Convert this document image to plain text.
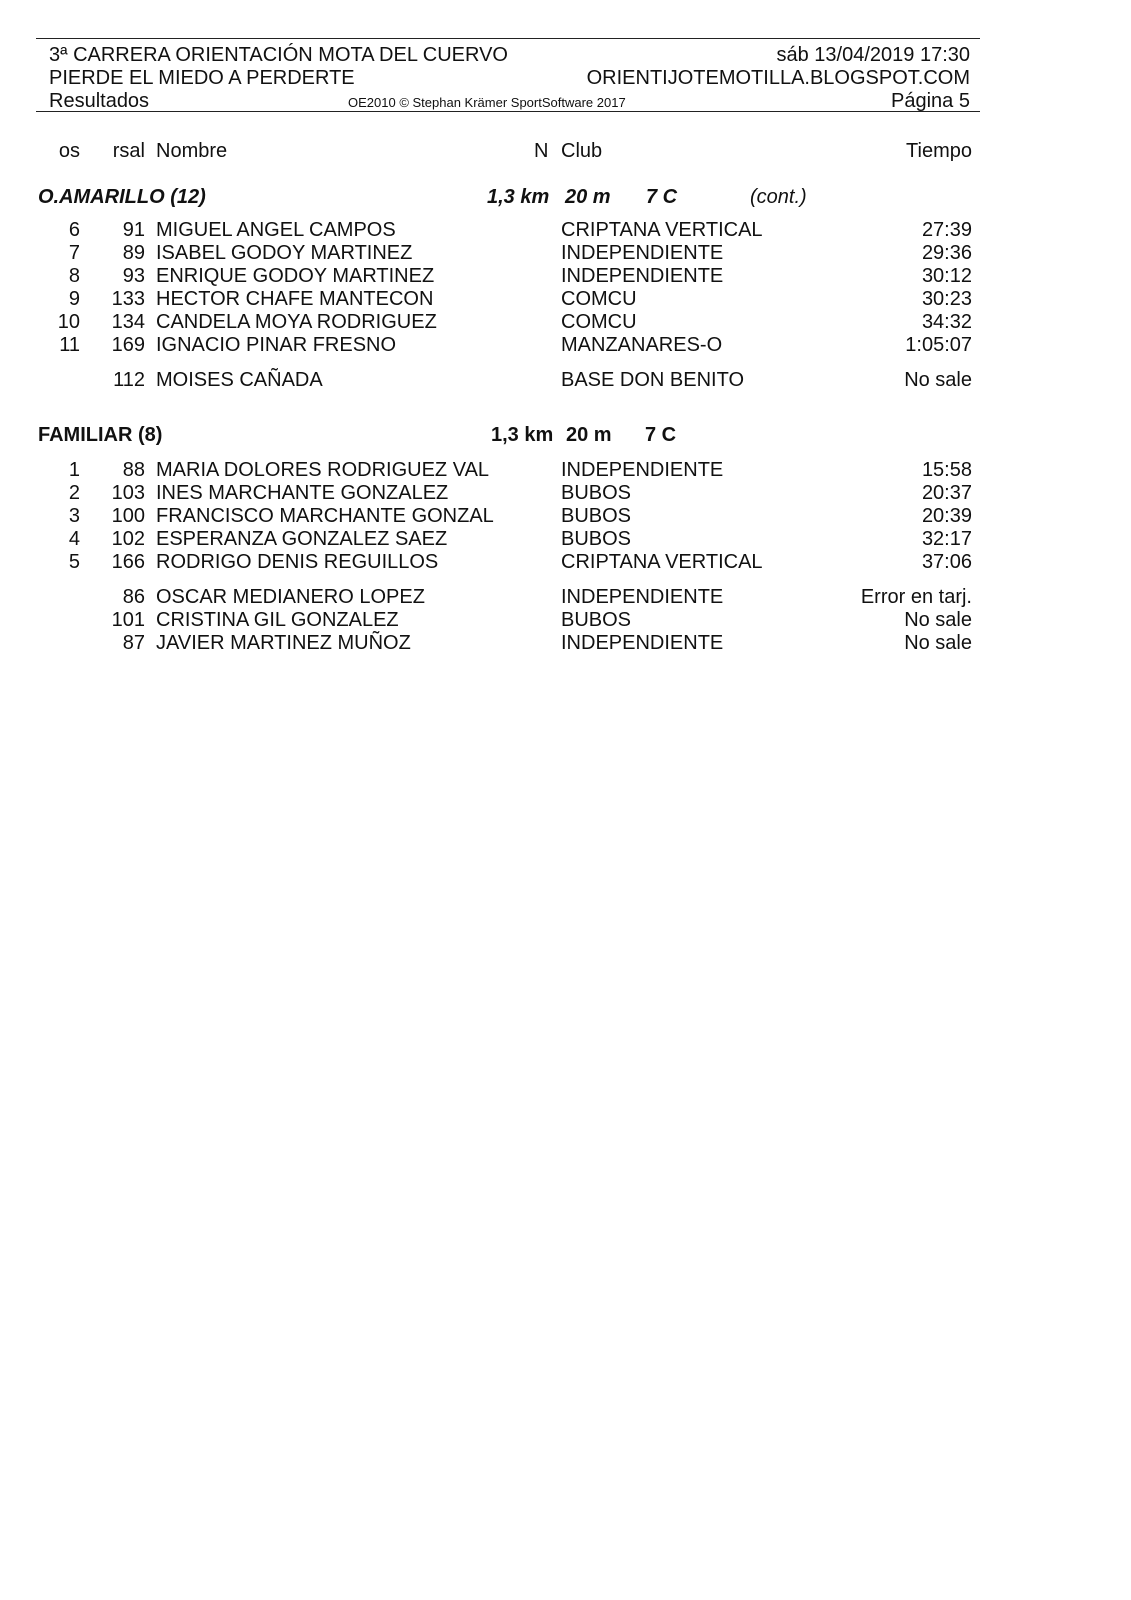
3ª CARRERA ORIENTACIÓN MOTA DEL CUERVO	sáb 13/04/2019 17:30
PIERDE EL MIEDO A PERDERTE	ORIENTIJOTEMOTILLA.BLOGSPOT.COM
Resultados	OE2010 © Stephan Krämer SportSoftware 2017	Página 5
os rsal Nombre	N Club	Tiempo
O.AMARILLO (12)	1,3 km 20 m 7 C	(cont.)
6 91 MIGUEL ANGEL CAMPOS	CRIPTANA VERTICAL	27:39
7 89 ISABEL GODOY MARTINEZ	INDEPENDIENTE	29:36
8 93 ENRIQUE GODOY MARTINEZ	INDEPENDIENTE	30:12
9 133 HECTOR CHAFE MANTECON	COMCU	30:23
10 134 CANDELA MOYA RODRIGUEZ	COMCU	34:32
11 169 IGNACIO PINAR FRESNO	MANZANARES-O	1:05:07
112 MOISES CAÑADA	BASE DON BENITO	No sale
FAMILIAR (8)	1,3 km 20 m 7 C
1 88 MARIA DOLORES RODRIGUEZ VAL	INDEPENDIENTE	15:58
2 103 INES MARCHANTE GONZALEZ	BUBOS	20:37
3 100 FRANCISCO MARCHANTE GONZAL	BUBOS	20:39
4 102 ESPERANZA GONZALEZ SAEZ	BUBOS	32:17
5 166 RODRIGO DENIS REGUILLOS	CRIPTANA VERTICAL	37:06
86 OSCAR MEDIANERO LOPEZ	INDEPENDIENTE	Error en tarj.
101 CRISTINA GIL GONZALEZ	BUBOS	No sale
87 JAVIER MARTINEZ MUÑOZ	INDEPENDIENTE	No sale
